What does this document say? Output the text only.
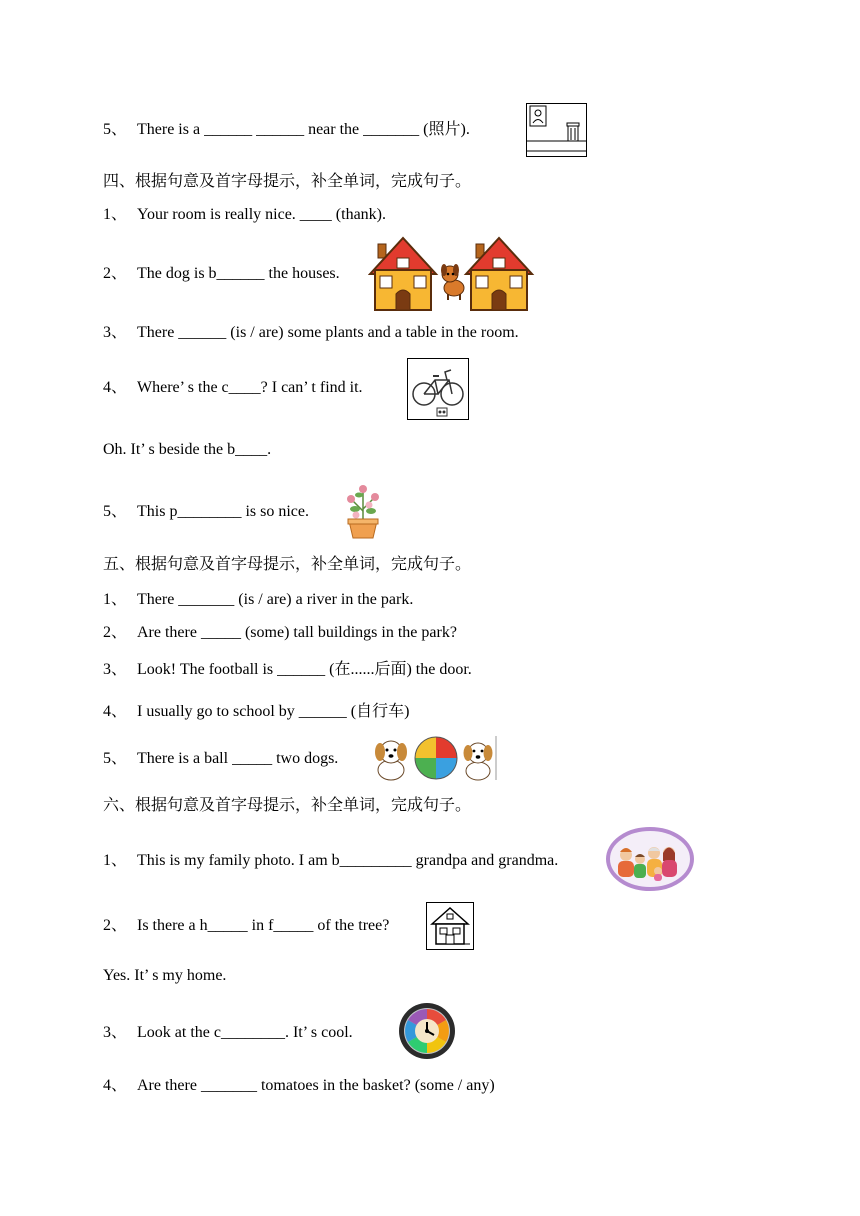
5、 There is a ______ ______ near the _______ (照片).
四、根据句意及首字母提示，补全单词，完成句子。
1、 Your room is really nice. ____ (thank).
2、 The dog is b______ the houses.
3、 There ______ (is / are) some plants and a table in the room.
4、 Where’ s the c____? I can’ t find it.
Oh. It’ s beside the b____.
5、 This p________ is so nice.
五、根据句意及首字母提示，补全单词，完成句子。
1、 There _______ (is / are) a river in the park.
2、 Are there _____ (some) tall buildings in the park?
3、 Look! The football is ______ (在......后面) the door.
4、 I usually go to school by ______ (自行车)
5、 There is a ball _____ two dogs.
六、根据句意及首字母提示，补全单词，完成句子。
1、 This is my family photo. I am b_________ grandpa and grandma.
2、 Is there a h_____ in f_____ of the tree?
Yes. It’ s my home.
3、 Look at the c________. It’ s cool.
4、 Are there _______ tomatoes in the basket? (some / any)
